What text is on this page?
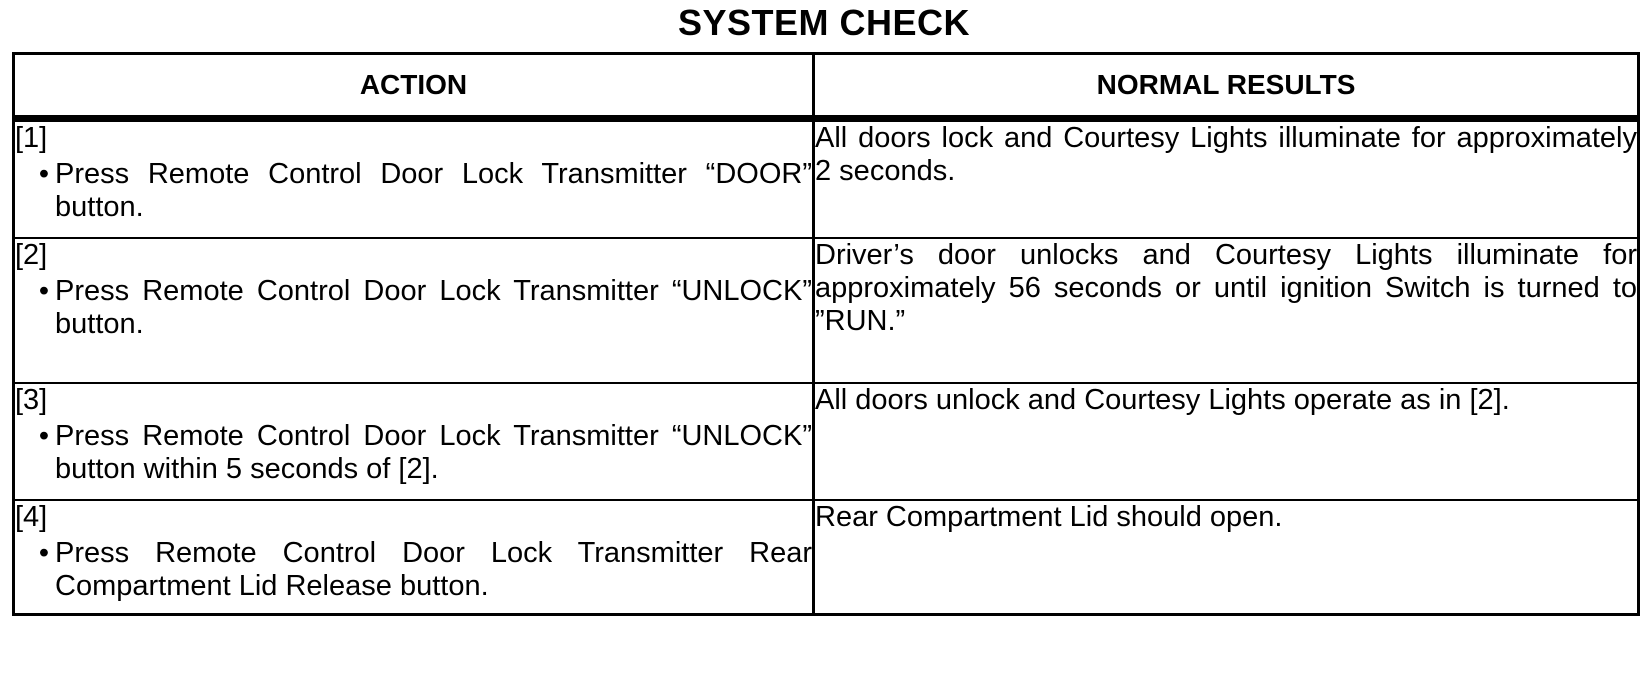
SYSTEM CHECK
ACTION	NORMAL RESULTS

[1]
• Press Remote Control Door Lock Transmitter “DOOR” button.	All doors lock and Courtesy Lights illuminate for approximately 2 seconds.

[2]
• Press Remote Control Door Lock Transmitter “UNLOCK” button.	Driver’s door unlocks and Courtesy Lights illuminate for approximately 56 seconds or until ignition Switch is turned to ”RUN.”

[3]
• Press Remote Control Door Lock Transmitter “UNLOCK” button within 5 seconds of [2].	All doors unlock and Courtesy Lights operate as in [2].

[4]
• Press Remote Control Door Lock Transmitter Rear Compartment Lid Release button.	Rear Compartment Lid should open.
